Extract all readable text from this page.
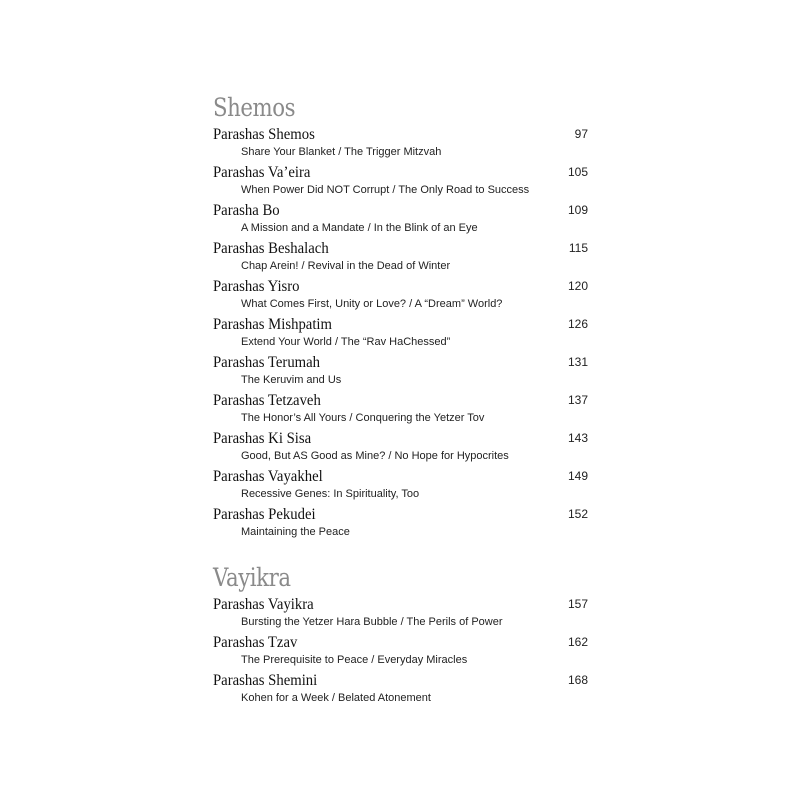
Shemos
Parashas Shemos
Share Your Blanket / The Trigger Mitzvah
97
Parashas Va’eira
When Power Did NOT Corrupt / The Only Road to Success
105
Parasha Bo
A Mission and a Mandate / In the Blink of an Eye
109
Parashas Beshalach
Chap Arein! / Revival in the Dead of Winter
115
Parashas Yisro
What Comes First, Unity or Love? / A “Dream” World?
120
Parashas Mishpatim
Extend Your World / The “Rav HaChessed”
126
Parashas Terumah
The Keruvim and Us
131
Parashas Tetzaveh
The Honor’s All Yours / Conquering the Yetzer Tov
137
Parashas Ki Sisa
Good, But AS Good as Mine? / No Hope for Hypocrites
143
Parashas Vayakhel
Recessive Genes: In Spirituality, Too
149
Parashas Pekudei
Maintaining the Peace
152
Vayikra
Parashas Vayikra
Bursting the Yetzer Hara Bubble / The Perils of Power
157
Parashas Tzav
The Prerequisite to Peace / Everyday Miracles
162
Parashas Shemini
Kohen for a Week / Belated Atonement
168
